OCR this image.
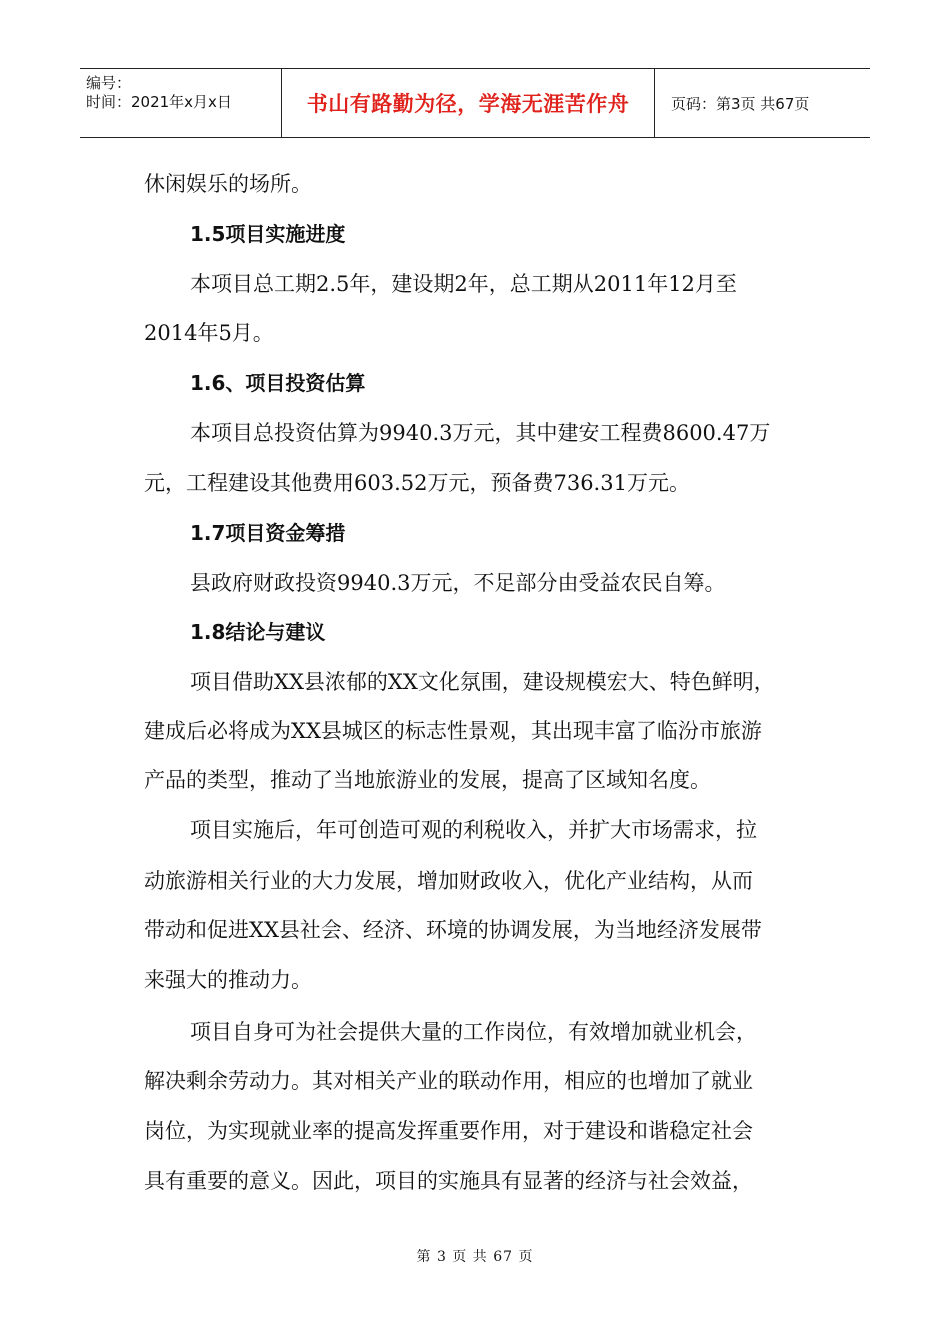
编号：
时间：2021年x月x日	书山有路勤为径，学海无涯苦作舟	页码：第3页 共67页
休闲娱乐的场所。
1.5项目实施进度
本项目总工期2.5年，建设期2年，总工期从2011年12月至
2014年5月。
1.6、项目投资估算
本项目总投资估算为9940.3万元，其中建安工程费8600.47万
元，工程建设其他费用603.52万元，预备费736.31万元。
1.7项目资金筹措
县政府财政投资9940.3万元，不足部分由受益农民自筹。
1.8结论与建议
项目借助XX县浓郁的XX文化氛围，建设规模宏大、特色鲜明，
建成后必将成为XX县城区的标志性景观，其出现丰富了临汾市旅游
产品的类型，推动了当地旅游业的发展，提高了区域知名度。
项目实施后，年可创造可观的利税收入，并扩大市场需求，拉
动旅游相关行业的大力发展，增加财政收入，优化产业结构，从而
带动和促进XX县社会、经济、环境的协调发展，为当地经济发展带
来强大的推动力。
项目自身可为社会提供大量的工作岗位，有效增加就业机会，
解决剩余劳动力。其对相关产业的联动作用，相应的也增加了就业
岗位，为实现就业率的提高发挥重要作用，对于建设和谐稳定社会
具有重要的意义。因此，项目的实施具有显著的经济与社会效益，
第 3 页 共 67 页
